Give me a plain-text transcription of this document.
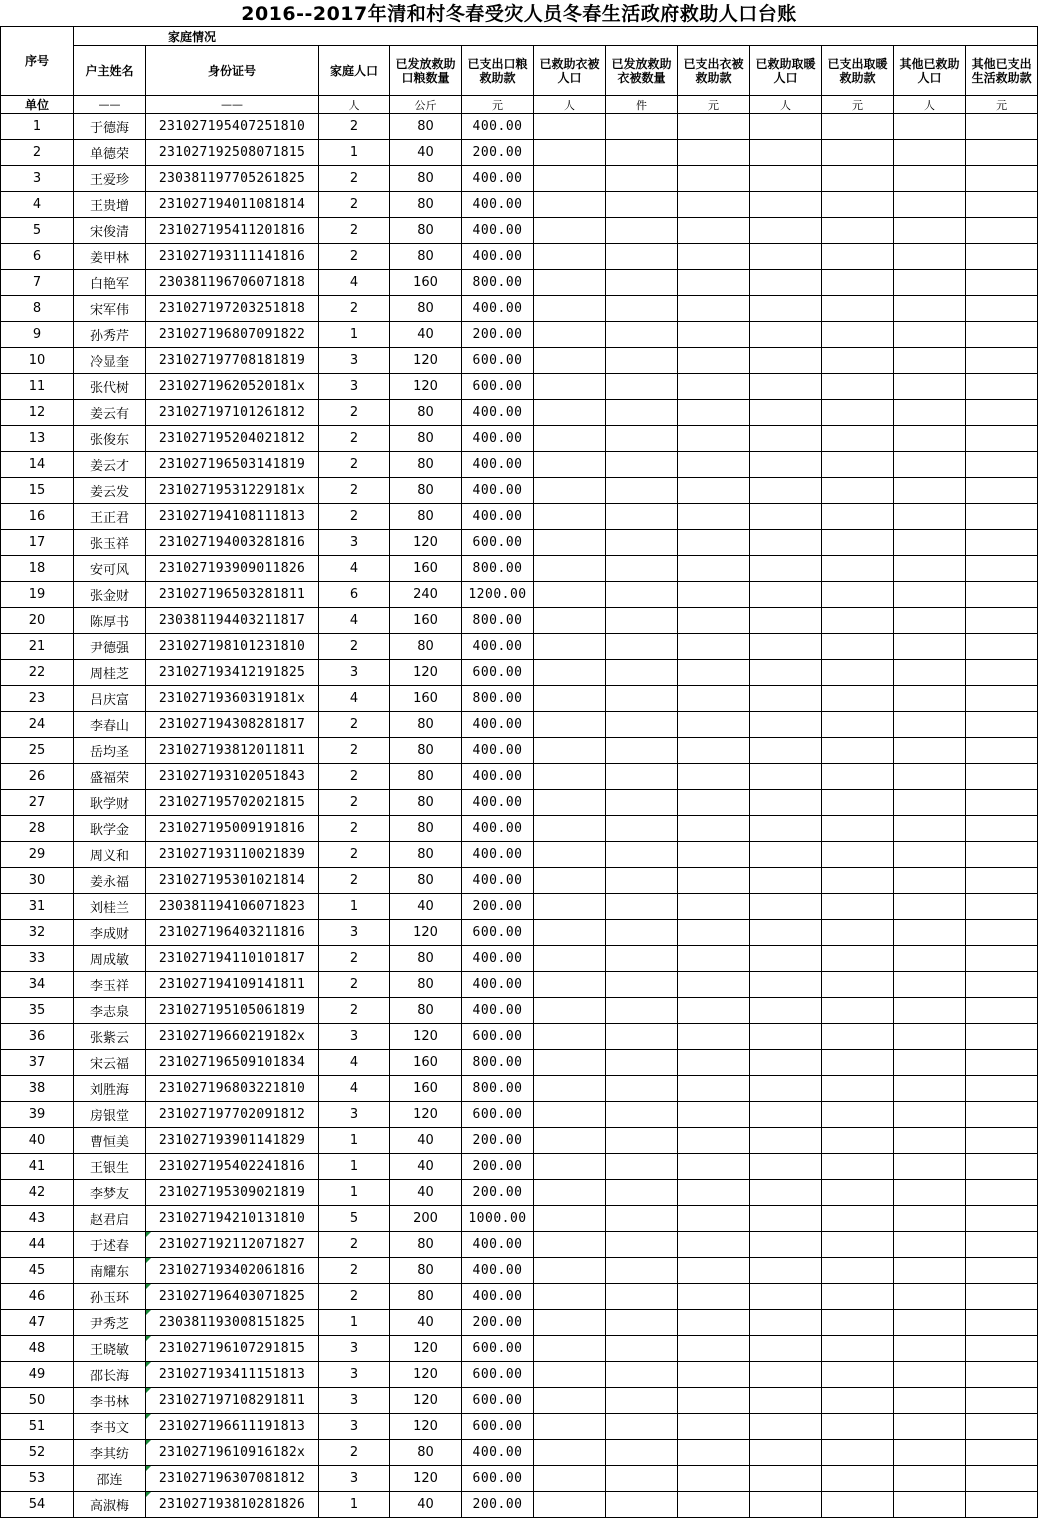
2016--2017年清和村冬春受灾人员冬春生活政府救助人口台账
序号	家庭情况											
	户主姓名	身份证号	家庭人口	已发放救助口粮数量	已支出口粮救助款	已救助衣被人口	已发放救助衣被数量	已支出衣被救助款	已救助取暖人口	已支出取暖救助款	其他已救助人口	其他已支出生活救助款
单位	——	——	人	公斤	元	人	件	元	人	元	人	元
1	于德海	231027195407251810	2	80	400.00							
2	单德荣	231027192508071815	1	40	200.00							
3	王爱珍	230381197705261825	2	80	400.00							
4	王贵增	231027194011081814	2	80	400.00							
5	宋俊清	231027195411201816	2	80	400.00							
6	姜甲林	231027193111141816	2	80	400.00							
7	白艳军	230381196706071818	4	160	800.00							
8	宋军伟	231027197203251818	2	80	400.00							
9	孙秀芹	231027196807091822	1	40	200.00							
10	冷显奎	231027197708181819	3	120	600.00							
11	张代树	23102719620520181x	3	120	600.00							
12	姜云有	231027197101261812	2	80	400.00							
13	张俊东	231027195204021812	2	80	400.00							
14	姜云才	231027196503141819	2	80	400.00							
15	姜云发	23102719531229181x	2	80	400.00							
16	王正君	231027194108111813	2	80	400.00							
17	张玉祥	231027194003281816	3	120	600.00							
18	安可风	231027193909011826	4	160	800.00							
19	张金财	231027196503281811	6	240	1200.00							
20	陈厚书	230381194403211817	4	160	800.00							
21	尹德强	231027198101231810	2	80	400.00							
22	周桂芝	231027193412191825	3	120	600.00							
23	吕庆富	23102719360319181x	4	160	800.00							
24	李春山	231027194308281817	2	80	400.00							
25	岳均圣	231027193812011811	2	80	400.00							
26	盛福荣	231027193102051843	2	80	400.00							
27	耿学财	231027195702021815	2	80	400.00							
28	耿学金	231027195009191816	2	80	400.00							
29	周义和	231027193110021839	2	80	400.00							
30	姜永福	231027195301021814	2	80	400.00							
31	刘桂兰	230381194106071823	1	40	200.00							
32	李成财	231027196403211816	3	120	600.00							
33	周成敏	231027194110101817	2	80	400.00							
34	李玉祥	231027194109141811	2	80	400.00							
35	李志泉	231027195105061819	2	80	400.00							
36	张紫云	23102719660219182x	3	120	600.00							
37	宋云福	231027196509101834	4	160	800.00							
38	刘胜海	231027196803221810	4	160	800.00							
39	房银堂	231027197702091812	3	120	600.00							
40	曹恒美	231027193901141829	1	40	200.00							
41	王银生	231027195402241816	1	40	200.00							
42	李梦友	231027195309021819	1	40	200.00							
43	赵君启	231027194210131810	5	200	1000.00							
44	于述春	231027192112071827	2	80	400.00							
45	南耀东	231027193402061816	2	80	400.00							
46	孙玉环	231027196403071825	2	80	400.00							
47	尹秀芝	230381193008151825	1	40	200.00							
48	王晓敏	231027196107291815	3	120	600.00							
49	邵长海	231027193411151813	3	120	600.00							
50	李书林	231027197108291811	3	120	600.00							
51	李书文	231027196611191813	3	120	600.00							
52	李其纺	23102719610916182x	2	80	400.00							
53	邵连	231027196307081812	3	120	600.00							
54	高淑梅	231027193810281826	1	40	200.00							
